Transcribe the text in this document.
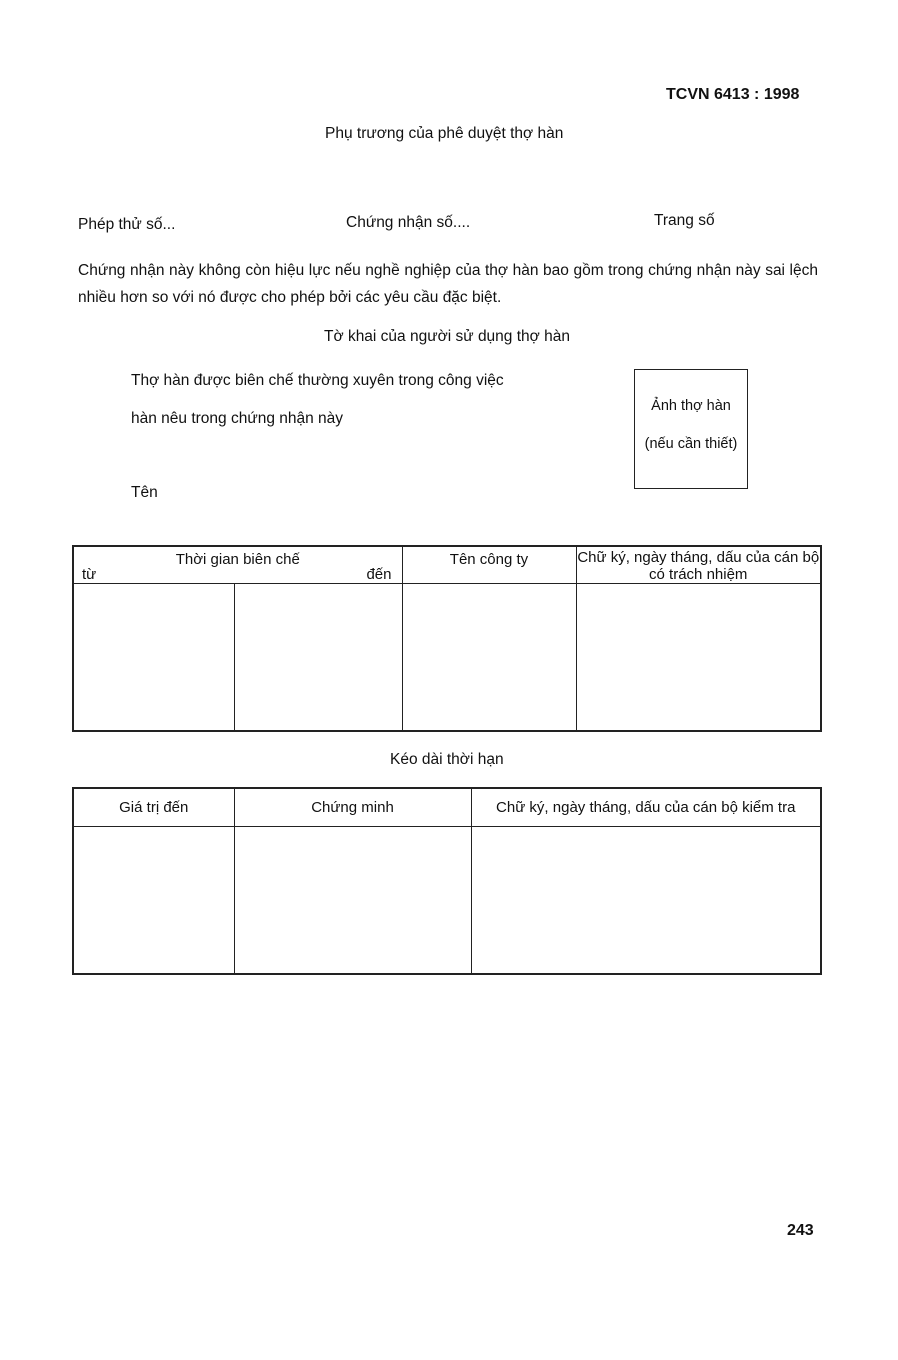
TCVN 6413 : 1998
Phụ trương của phê duyệt thợ hàn
Phép thử số...	Chứng nhận số....	Trang số
Chứng nhận này không còn hiệu lực nếu nghề nghiệp của thợ hàn bao gồm trong chứng nhận này sai lệch nhiều hơn so với nó được cho phép bởi các yêu cầu đặc biệt.
Tờ khai của người sử dụng thợ hàn
Thợ hàn được biên chế thường xuyên trong công việc
hàn nêu trong chứng nhận này
Tên
Ảnh thợ hàn
(nếu cần thiết)
Thời gian biên chế
từ đến		Tên công ty	Chữ ký, ngày tháng, dấu của cán bộ có trách nhiệm

Kéo dài thời hạn
Giá trị đến	Chứng minh	Chữ ký, ngày tháng, dấu của cán bộ kiểm tra

243
